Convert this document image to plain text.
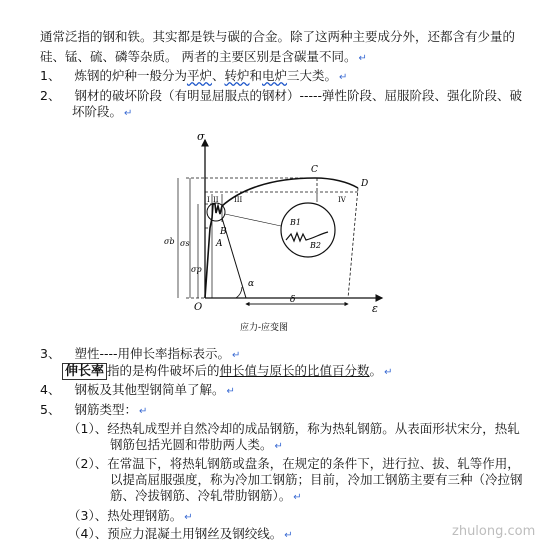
通常泛指的钢和铁。其实都是铁与碳的合金。除了这两种主要成分外，还都含有少量的
硅、锰、硫、磷等杂质。 两者的主要区别是含碳量不同。 ↵
1、 炼钢的炉种一般分为平炉、转炉和电炉三大类。 ↵
2、 钢材的破坏阶段（有明显屈服点的钢材）-----弹性阶段、屈服阶段、强化阶段、破
坏阶段。 ↵
σ
ε
O
α
A
B
C
D
B1
B2
I II III	IV
σb σs
σp
δ
应力-应变图
3、 塑性----用伸长率指标表示。 ↵
伸长率 指的是构件破坏后的伸长值与原长的比值百分数。 ↵
4、 钢板及其他型钢简单了解。 ↵
5、 钢筋类型： ↵
（1）、经热轧成型并自然冷却的成品钢筋，称为热轧钢筋。从表面形状宋分，热轧
钢筋包括光圆和带肋两人类。 ↵
（2）、在常温下，将热轧钢筋或盘条，在规定的条件下，进行拉、拔、轧等作用，
以提高屈服强度，称为冷加工钢筋；目前，冷加工钢筋主要有三种（冷拉钢
筋、冷拔钢筋、冷轧带肋钢筋）。 ↵
（3）、热处理钢筋。 ↵
（4）、预应力混凝土用钢丝及钢绞线。 ↵	zhulong.com
